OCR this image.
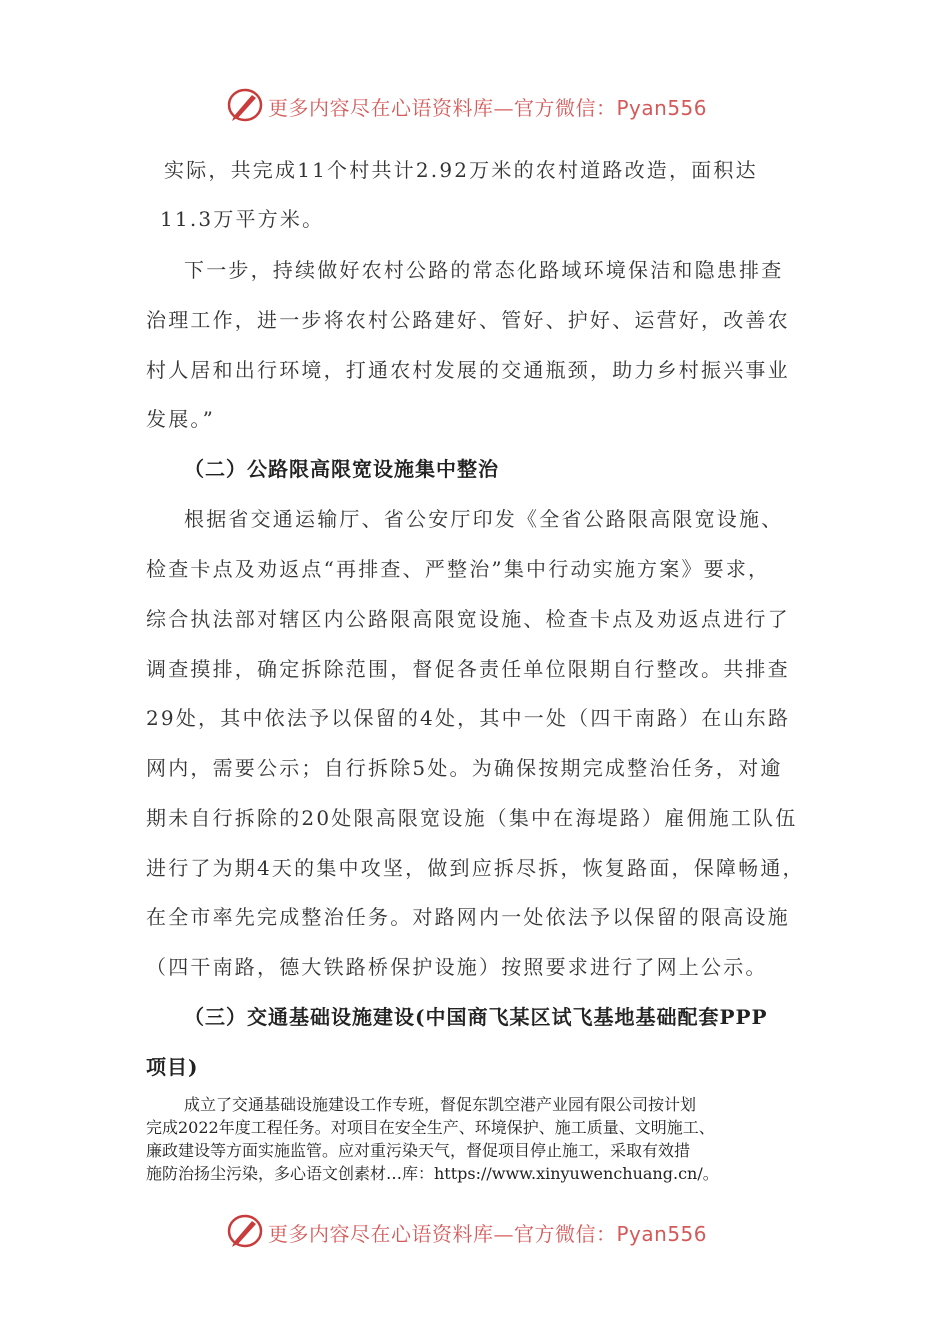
更多内容尽在心语资料库—官方微信：Pyan556
实际，共完成11个村共计2.92万米的农村道路改造，面积达
11.3万平方米。
下一步，持续做好农村公路的常态化路域环境保洁和隐患排查
治理工作，进一步将农村公路建好、管好、护好、运营好，改善农
村人居和出行环境，打通农村发展的交通瓶颈，助力乡村振兴事业
发展。”
（二）公路限高限宽设施集中整治
根据省交通运输厅、省公安厅印发《全省公路限高限宽设施、
检查卡点及劝返点“再排查、严整治”集中行动实施方案》要求，
综合执法部对辖区内公路限高限宽设施、检查卡点及劝返点进行了
调查摸排，确定拆除范围，督促各责任单位限期自行整改。共排查
29处，其中依法予以保留的4处，其中一处（四干南路）在山东路
网内，需要公示；自行拆除5处。为确保按期完成整治任务，对逾
期未自行拆除的20处限高限宽设施（集中在海堤路）雇佣施工队伍
进行了为期4天的集中攻坚，做到应拆尽拆，恢复路面，保障畅通，
在全市率先完成整治任务。对路网内一处依法予以保留的限高设施
（四干南路，德大铁路桥保护设施）按照要求进行了网上公示。
（三）交通基础设施建设(中国商飞某区试飞基地基础配套PPP
项目)
成立了交通基础设施建设工作专班，督促东凯空港产业园有限公司按计划
完成2022年度工程任务。对项目在安全生产、环境保护、施工质量、文明施工、
廉政建设等方面实施监管。应对重污染天气，督促项目停止施工，采取有效措
施防治扬尘污染，多心语文创素材…库：https://www.xinyuwenchuang.cn/。
更多内容尽在心语资料库—官方微信：Pyan556
